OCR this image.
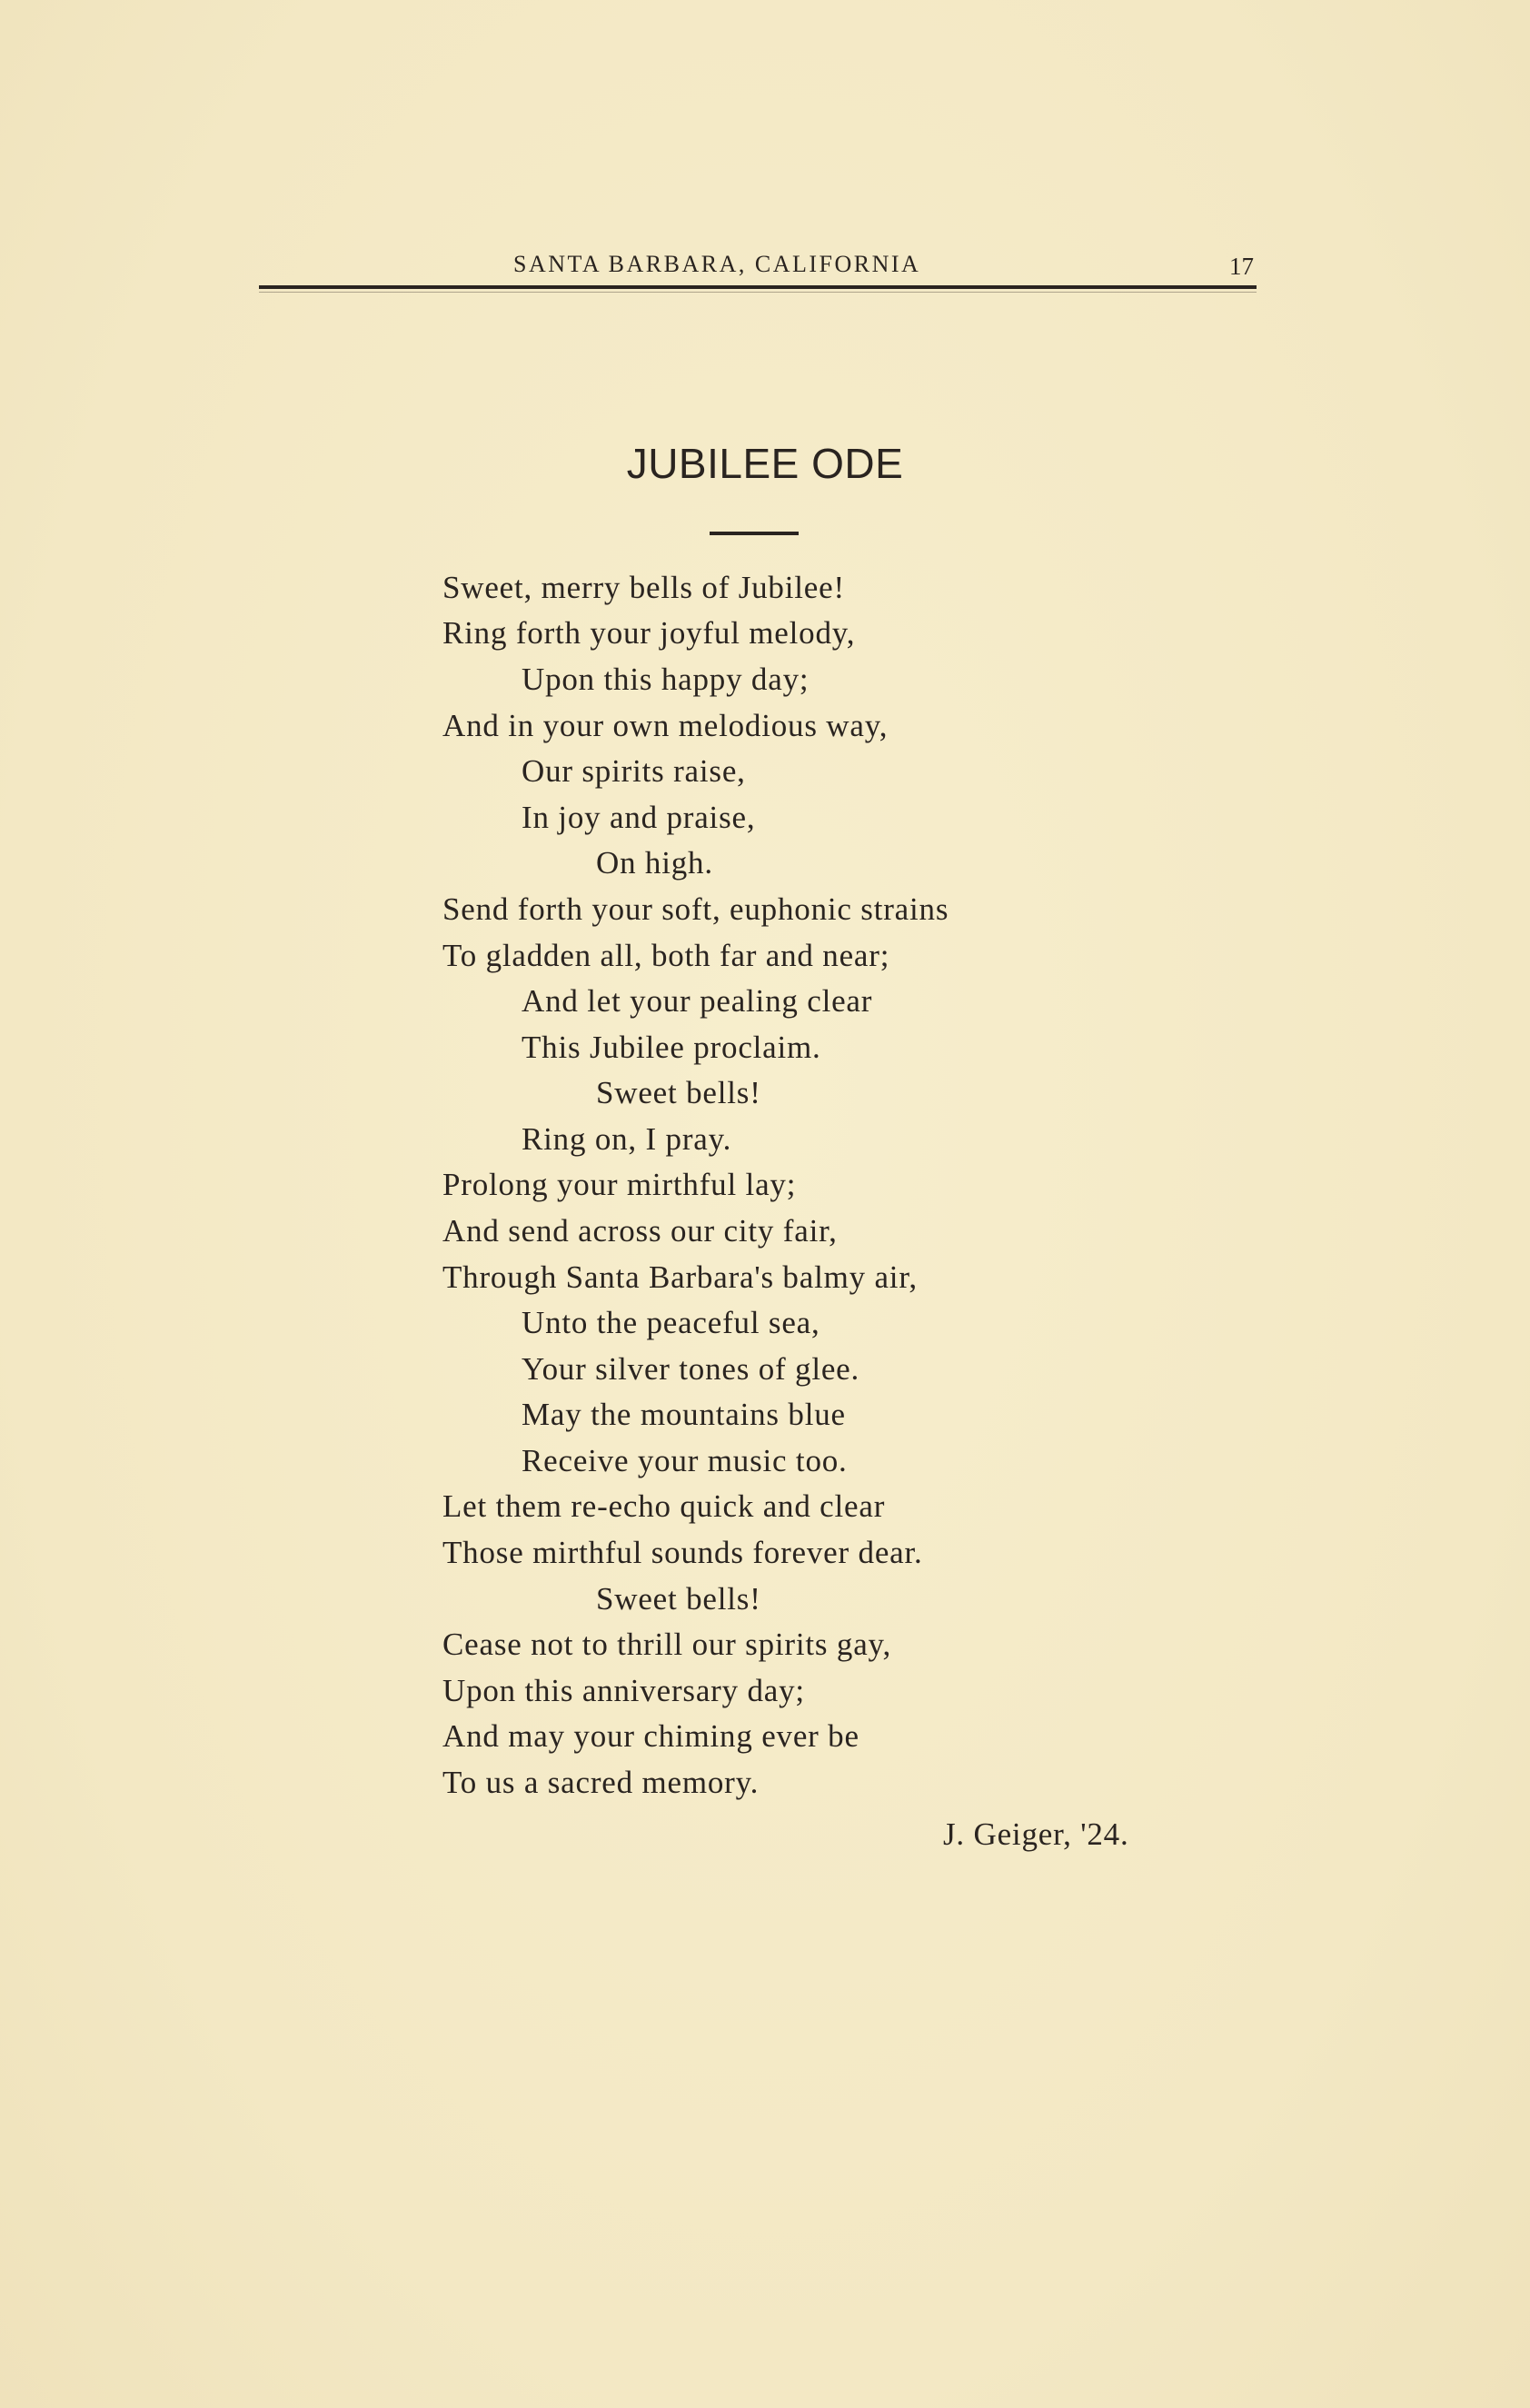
SANTA BARBARA, CALIFORNIA	17
JUBILEE ODE
Sweet, merry bells of Jubilee!
Ring forth your joyful melody,
Upon this happy day;
And in your own melodious way,
Our spirits raise,
In joy and praise,
On high.
Send forth your soft, euphonic strains
To gladden all, both far and near;
And let your pealing clear
This Jubilee proclaim.
Sweet bells!
Ring on, I pray.
Prolong your mirthful lay;
And send across our city fair,
Through Santa Barbara's balmy air,
Unto the peaceful sea,
Your silver tones of glee.
May the mountains blue
Receive your music too.
Let them re-echo quick and clear
Those mirthful sounds forever dear.
Sweet bells!
Cease not to thrill our spirits gay,
Upon this anniversary day;
And may your chiming ever be
To us a sacred memory.
J. Geiger, '24.
